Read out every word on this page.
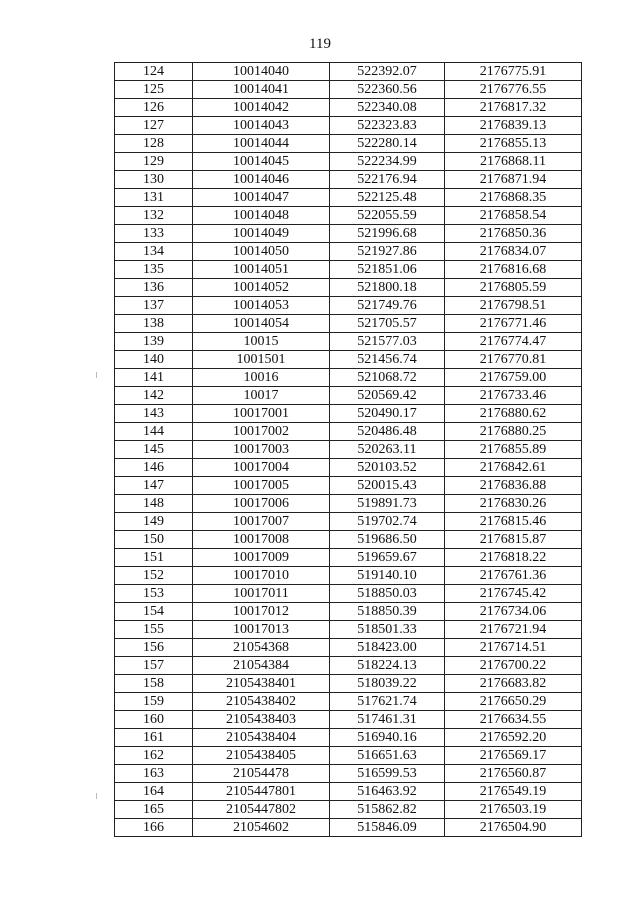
119
124	10014040	522392.07	2176775.91
125	10014041	522360.56	2176776.55
126	10014042	522340.08	2176817.32
127	10014043	522323.83	2176839.13
128	10014044	522280.14	2176855.13
129	10014045	522234.99	2176868.11
130	10014046	522176.94	2176871.94
131	10014047	522125.48	2176868.35
132	10014048	522055.59	2176858.54
133	10014049	521996.68	2176850.36
134	10014050	521927.86	2176834.07
135	10014051	521851.06	2176816.68
136	10014052	521800.18	2176805.59
137	10014053	521749.76	2176798.51
138	10014054	521705.57	2176771.46
139	10015	521577.03	2176774.47
140	1001501	521456.74	2176770.81
141	10016	521068.72	2176759.00
142	10017	520569.42	2176733.46
143	10017001	520490.17	2176880.62
144	10017002	520486.48	2176880.25
145	10017003	520263.11	2176855.89
146	10017004	520103.52	2176842.61
147	10017005	520015.43	2176836.88
148	10017006	519891.73	2176830.26
149	10017007	519702.74	2176815.46
150	10017008	519686.50	2176815.87
151	10017009	519659.67	2176818.22
152	10017010	519140.10	2176761.36
153	10017011	518850.03	2176745.42
154	10017012	518850.39	2176734.06
155	10017013	518501.33	2176721.94
156	21054368	518423.00	2176714.51
157	21054384	518224.13	2176700.22
158	2105438401	518039.22	2176683.82
159	2105438402	517621.74	2176650.29
160	2105438403	517461.31	2176634.55
161	2105438404	516940.16	2176592.20
162	2105438405	516651.63	2176569.17
163	21054478	516599.53	2176560.87
164	2105447801	516463.92	2176549.19
165	2105447802	515862.82	2176503.19
166	21054602	515846.09	2176504.90
